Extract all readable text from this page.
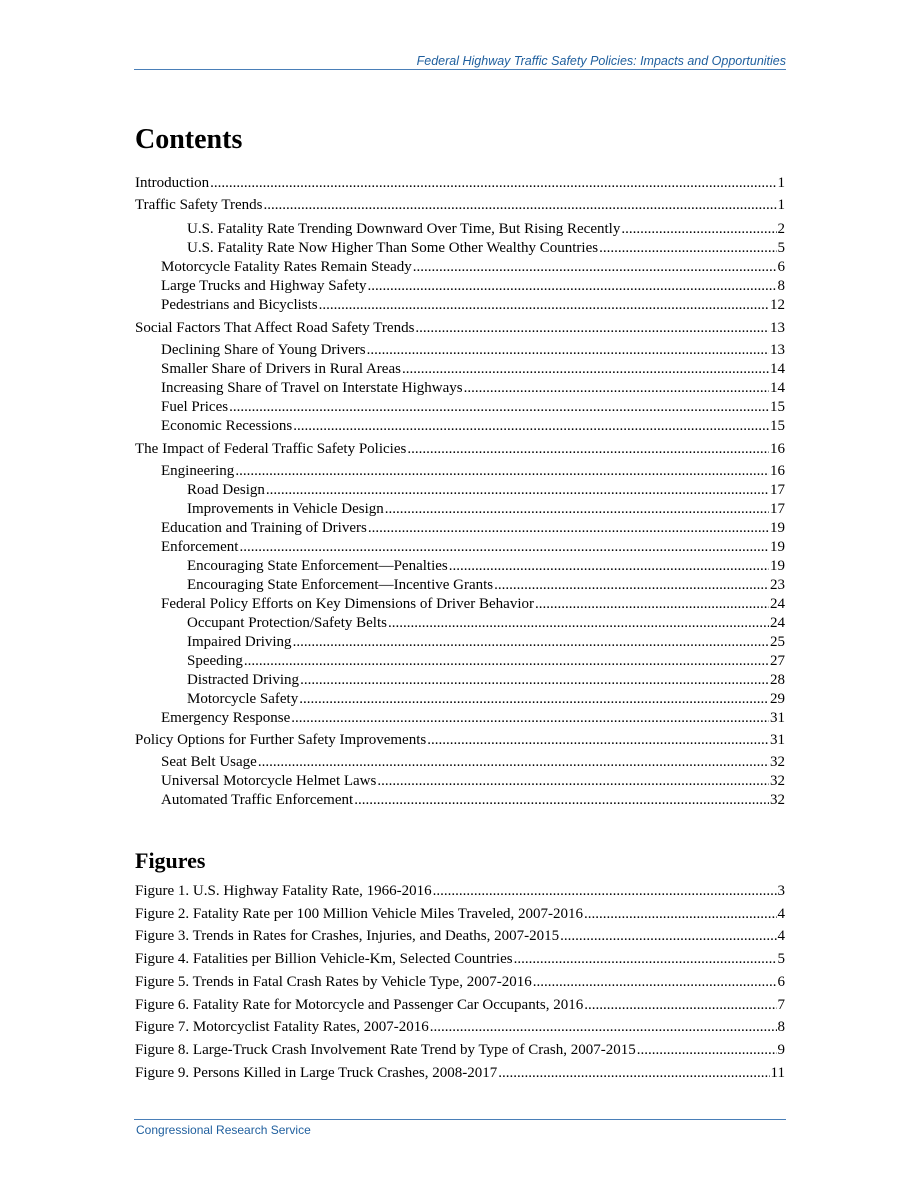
Federal Highway Traffic Safety Policies: Impacts and Opportunities
Contents
Introduction .....	1
Traffic Safety Trends .....	1
U.S. Fatality Rate Trending Downward Over Time, But Rising Recently .....	2
U.S. Fatality Rate Now Higher Than Some Other Wealthy Countries .....	5
Motorcycle Fatality Rates Remain Steady .....	6
Large Trucks and Highway Safety .....	8
Pedestrians and Bicyclists .....	12
Social Factors That Affect Road Safety Trends .....	13
Declining Share of Young Drivers .....	13
Smaller Share of Drivers in Rural Areas .....	14
Increasing Share of Travel on Interstate Highways .....	14
Fuel Prices .....	15
Economic Recessions .....	15
The Impact of Federal Traffic Safety Policies .....	16
Engineering .....	16
Road Design .....	17
Improvements in Vehicle Design .....	17
Education and Training of Drivers .....	19
Enforcement .....	19
Encouraging State Enforcement—Penalties .....	19
Encouraging State Enforcement—Incentive Grants .....	23
Federal Policy Efforts on Key Dimensions of Driver Behavior .....	24
Occupant Protection/Safety Belts .....	24
Impaired Driving .....	25
Speeding .....	27
Distracted Driving .....	28
Motorcycle Safety .....	29
Emergency Response .....	31
Policy Options for Further Safety Improvements .....	31
Seat Belt Usage .....	32
Universal Motorcycle Helmet Laws .....	32
Automated Traffic Enforcement .....	32
Figures
Figure 1. U.S. Highway Fatality Rate, 1966-2016 .....	3
Figure 2. Fatality Rate per 100 Million Vehicle Miles Traveled, 2007-2016 .....	4
Figure 3. Trends in Rates for Crashes, Injuries, and Deaths, 2007-2015 .....	4
Figure 4. Fatalities per Billion Vehicle-Km, Selected Countries .....	5
Figure 5. Trends in Fatal Crash Rates by Vehicle Type, 2007-2016 .....	6
Figure 6. Fatality Rate for Motorcycle and Passenger Car Occupants, 2016 .....	7
Figure 7. Motorcyclist Fatality Rates, 2007-2016 .....	8
Figure 8. Large-Truck Crash Involvement Rate Trend by Type of Crash, 2007-2015 .....	9
Figure 9. Persons Killed in Large Truck Crashes, 2008-2017 .....	11
Congressional Research Service
